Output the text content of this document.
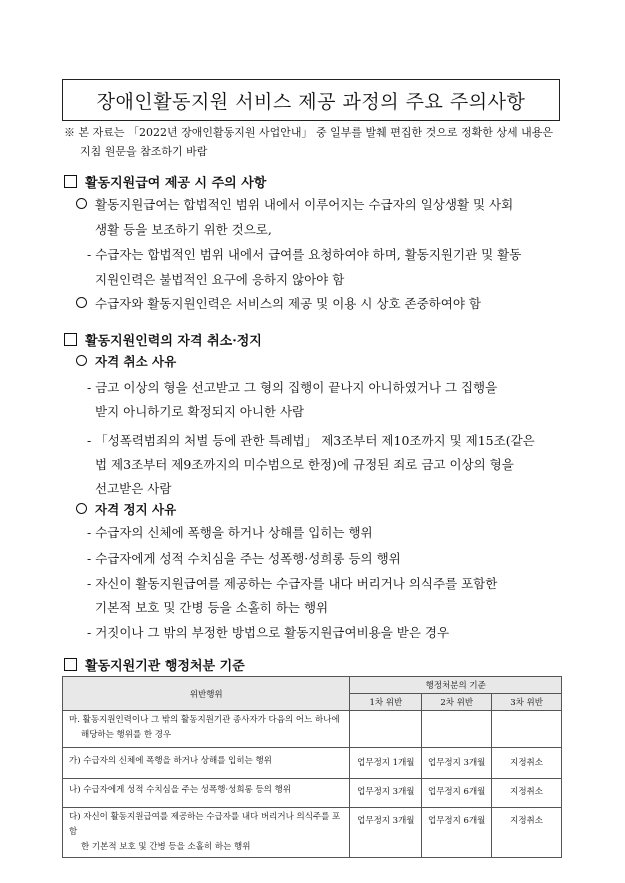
장애인활동지원 서비스 제공 과정의 주요 주의사항
※ 본 자료는 「2022년 장애인활동지원 사업안내」 중 일부를 발췌 편집한 것으로 정확한 상세 내용은
지침 원문을 참조하기 바람
활동지원급여 제공 시 주의 사항
활동지원급여는 합법적인 범위 내에서 이루어지는 수급자의 일상생활 및 사회
생활 등을 보조하기 위한 것으로,
- 수급자는 합법적인 범위 내에서 급여를 요청하여야 하며, 활동지원기관 및 활동
지원인력은 불법적인 요구에 응하지 않아야 함
수급자와 활동지원인력은 서비스의 제공 및 이용 시 상호 존중하여야 함
활동지원인력의 자격 취소·정지
자격 취소 사유
- 금고 이상의 형을 선고받고 그 형의 집행이 끝나지 아니하였거나 그 집행을
받지 아니하기로 확정되지 아니한 사람
- 「성폭력범죄의 처벌 등에 관한 특례법」 제3조부터 제10조까지 및 제15조(같은
법 제3조부터 제9조까지의 미수범으로 한정)에 규정된 죄로 금고 이상의 형을
선고받은 사람
자격 정지 사유
- 수급자의 신체에 폭행을 하거나 상해를 입히는 행위
- 수급자에게 성적 수치심을 주는 성폭행·성희롱 등의 행위
- 자신이 활동지원급여를 제공하는 수급자를 내다 버리거나 의식주를 포함한
기본적 보호 및 간병 등을 소홀히 하는 행위
- 거짓이나 그 밖의 부정한 방법으로 활동지원급여비용을 받은 경우
활동지원기관 행정처분 기준
위반행위	행정처분의 기준		
	1차 위반	2차 위반	3차 위반

마. 활동지원인력이나 그 밖의 활동지원기관 종사자가 다음의 어느 하나에
해당하는 행위를 한 경우			

가) 수급자의 신체에 폭행을 하거나 상해를 입히는 행위	업무정지 1개월	업무정지 3개월	지정취소

나) 수급자에게 성적 수치심을 주는 성폭행·성희롱 등의 행위	업무정지 3개월	업무정지 6개월	지정취소

다) 자신이 활동지원급여를 제공하는 수급자를 내다 버리거나 의식주를 포함
한 기본적 보호 및 간병 등을 소홀히 하는 행위	업무정지 3개월	업무정지 6개월	지정취소
